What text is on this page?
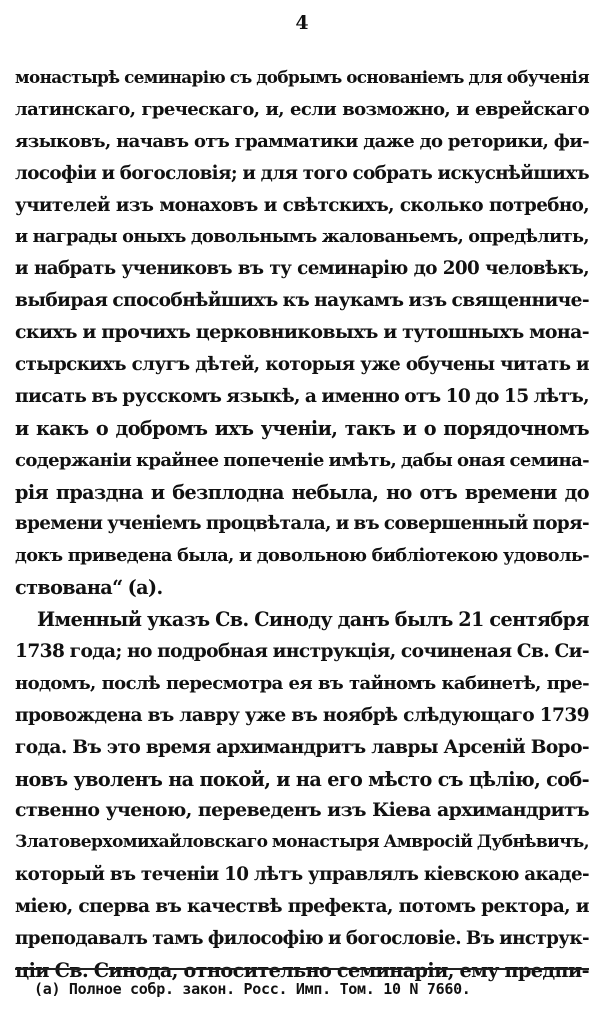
4
монастырѣ семинарію съ добрымъ основаніемъ для обученія
латинскаго, греческаго, и, если возможно, и еврейскаго
языковъ, начавъ отъ грамматики даже до реторики, фи-
лософіи и богословія; и для того собрать искуснѣйшихъ
учителей изъ монаховъ и свѣтскихъ, сколько потребно,
и награды оныхъ довольнымъ жалованьемъ, опредѣлить,
и набрать учениковъ въ ту семинарію до 200 человѣкъ,
выбирая способнѣйшихъ къ наукамъ изъ священничe-
скихъ и прочихъ церковниковыхъ и тутошныхъ мона-
стырскихъ слугъ дѣтей, которыя уже обучены читать и
писать въ русскомъ языкѣ, а именно отъ 10 до 15 лѣтъ,
и какъ о добромъ ихъ ученіи, такъ и о порядочномъ
содержаніи крайнее попеченіе имѣть, дабы оная семина-
рія праздна и безплодна небыла, но отъ времени до
времени ученіемъ процвѣтала, и въ совершенный поря-
докъ приведена была, и довольною библіотекою удоволь-
ствована“ (а).
Именный указъ Св. Синоду данъ былъ 21 сентября
1738 года; но подробная инструкція, сочиненая Св. Си-
нодомъ, послѣ пересмотра ея въ тайномъ кабинетѣ, пре-
провождена въ лавру уже въ ноябрѣ слѣдующаго 1739
года. Въ это время архимандритъ лавры Арсеній Воро-
новъ уволенъ на покой, и на его мѣсто съ цѣлію, соб-
ственно ученою, переведенъ изъ Кіева архимандритъ
Златоверхомихайловскаго монастыря Амвросій Дубнѣвичъ,
который въ теченіи 10 лѣтъ управлялъ кіевскою акаде-
міею, сперва въ качествѣ префекта, потомъ ректора, и
преподавалъ тамъ философію и богословіе. Въ инструк-
ціи Св. Синода, относительно семинаріи, ему предпи-
(а) Полное собр. закон. Росс. Имп. Том. 10 N 7660.
